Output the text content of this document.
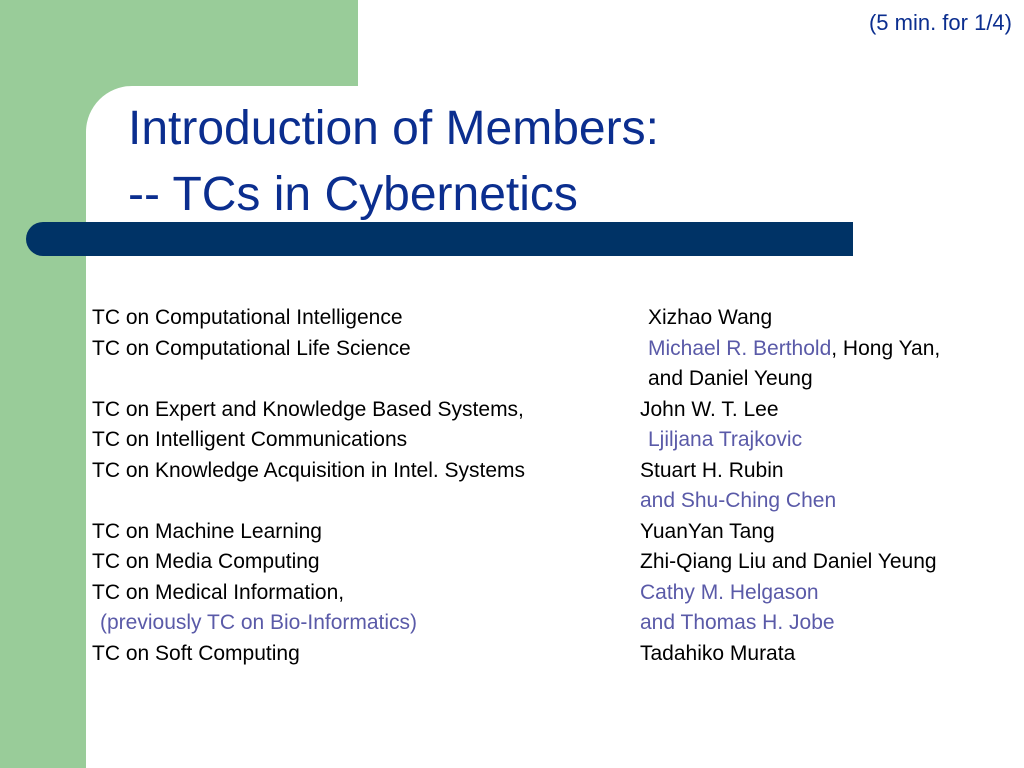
(5 min. for 1/4)
Introduction of Members:
-- TCs in Cybernetics
TC on Computational Intelligence	Xizhao Wang
TC on Computational Life Science	Michael R. Berthold, Hong Yan,
and Daniel Yeung
TC on Expert and Knowledge Based Systems,	John W. T. Lee
TC on Intelligent Communications	Ljiljana Trajkovic
TC on Knowledge Acquisition in Intel. Systems	Stuart H. Rubin
and Shu-Ching Chen
TC on Machine Learning	YuanYan Tang
TC on Media Computing	Zhi-Qiang Liu and Daniel Yeung
TC on Medical Information,	Cathy M. Helgason
(previously TC on Bio-Informatics)	and Thomas H. Jobe
TC on Soft Computing	Tadahiko Murata
